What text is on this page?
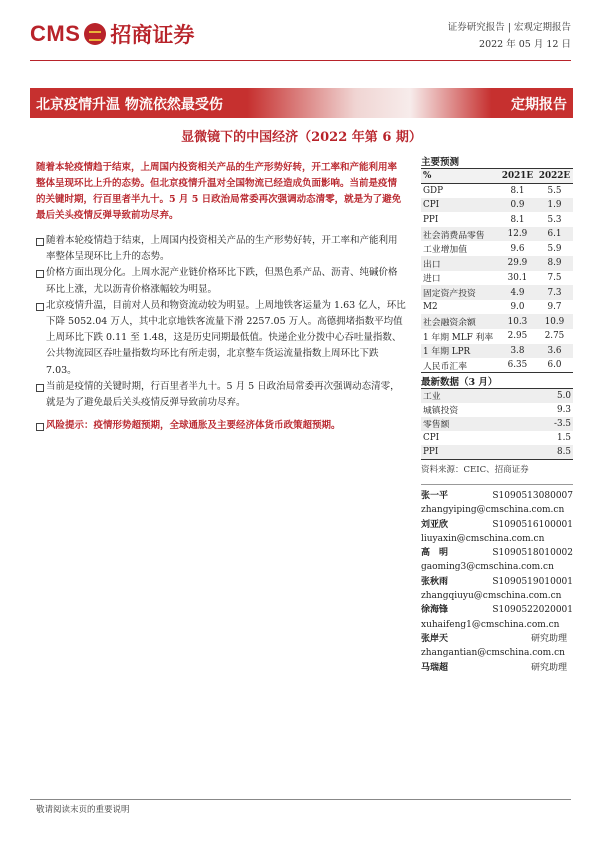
CMS 招商证券	证券研究报告 | 宏观定期报告
2022 年 05 月 12 日
北京疫情升温 物流依然最受伤	定期报告
显微镜下的中国经济（2022 年第 6 期）
随着本轮疫情趋于结束，上周国内投资相关产品的生产形势好转，开工率和产能利用率整体呈现环比上升的态势。但北京疫情升温对全国物流已经造成负面影响。当前是疫情的关键时期，行百里者半九十。5 月 5 日政治局常委再次强调动态清零，就是为了避免最后关头疫情反弹导致前功尽弃。
随着本轮疫情趋于结束，上周国内投资相关产品的生产形势好转，开工率和产能利用率整体呈现环比上升的态势。
价格方面出现分化。上周水泥产业链价格环比下跌，但黑色系产品、沥青、纯碱价格环比上涨，尤以沥青价格涨幅较为明显。
北京疫情升温，目前对人员和物资流动较为明显。上周地铁客运量为 1.63 亿人，环比下降 5052.04 万人，其中北京地铁客流量下滑 2257.05 万人。高德拥堵指数平均值上周环比下跌 0.11 至 1.48，这是历史同期最低值。快递企业分拨中心吞吐量指数、公共物流园区吞吐量指数均环比有所走弱，北京整车货运流量指数上周环比下跌 7.03。
当前是疫情的关键时期，行百里者半九十。5 月 5 日政治局常委再次强调动态清零，就是为了避免最后关头疫情反弹导致前功尽弃。
风险提示：疫情形势超预期，全球通胀及主要经济体货币政策超预期。
主要预测
%	2021E	2022E
GDP	8.1	5.5
CPI	0.9	1.9
PPI	8.1	5.3
社会消费品零售	12.9	6.1
工业增加值	9.6	5.9
出口	29.9	8.9
进口	30.1	7.5
固定资产投资	4.9	7.3
M2	9.0	9.7
社会融资余额	10.3	10.9
1 年期 MLF 利率	2.95	2.75
1 年期 LPR	3.8	3.6
人民币汇率	6.35	6.0
最新数据（3 月）
工业	5.0
城镇投资	9.3
零售额	-3.5
CPI	1.5
PPI	8.5
资料来源：CEIC、招商证券
张一平	S1090513080007
zhangyiping@cmschina.com.cn
刘亚欣	S1090516100001
liuyaxin@cmschina.com.cn
高　明	S1090518010002
gaoming3@cmschina.com.cn
张秋雨	S1090519010001
zhangqiuyu@cmschina.com.cn
徐海锋	S1090522020001
xuhaifeng1@cmschina.com.cn
张岸天	研究助理
zhangantian@cmschina.com.cn
马瑞超	研究助理
敬请阅读末页的重要说明
